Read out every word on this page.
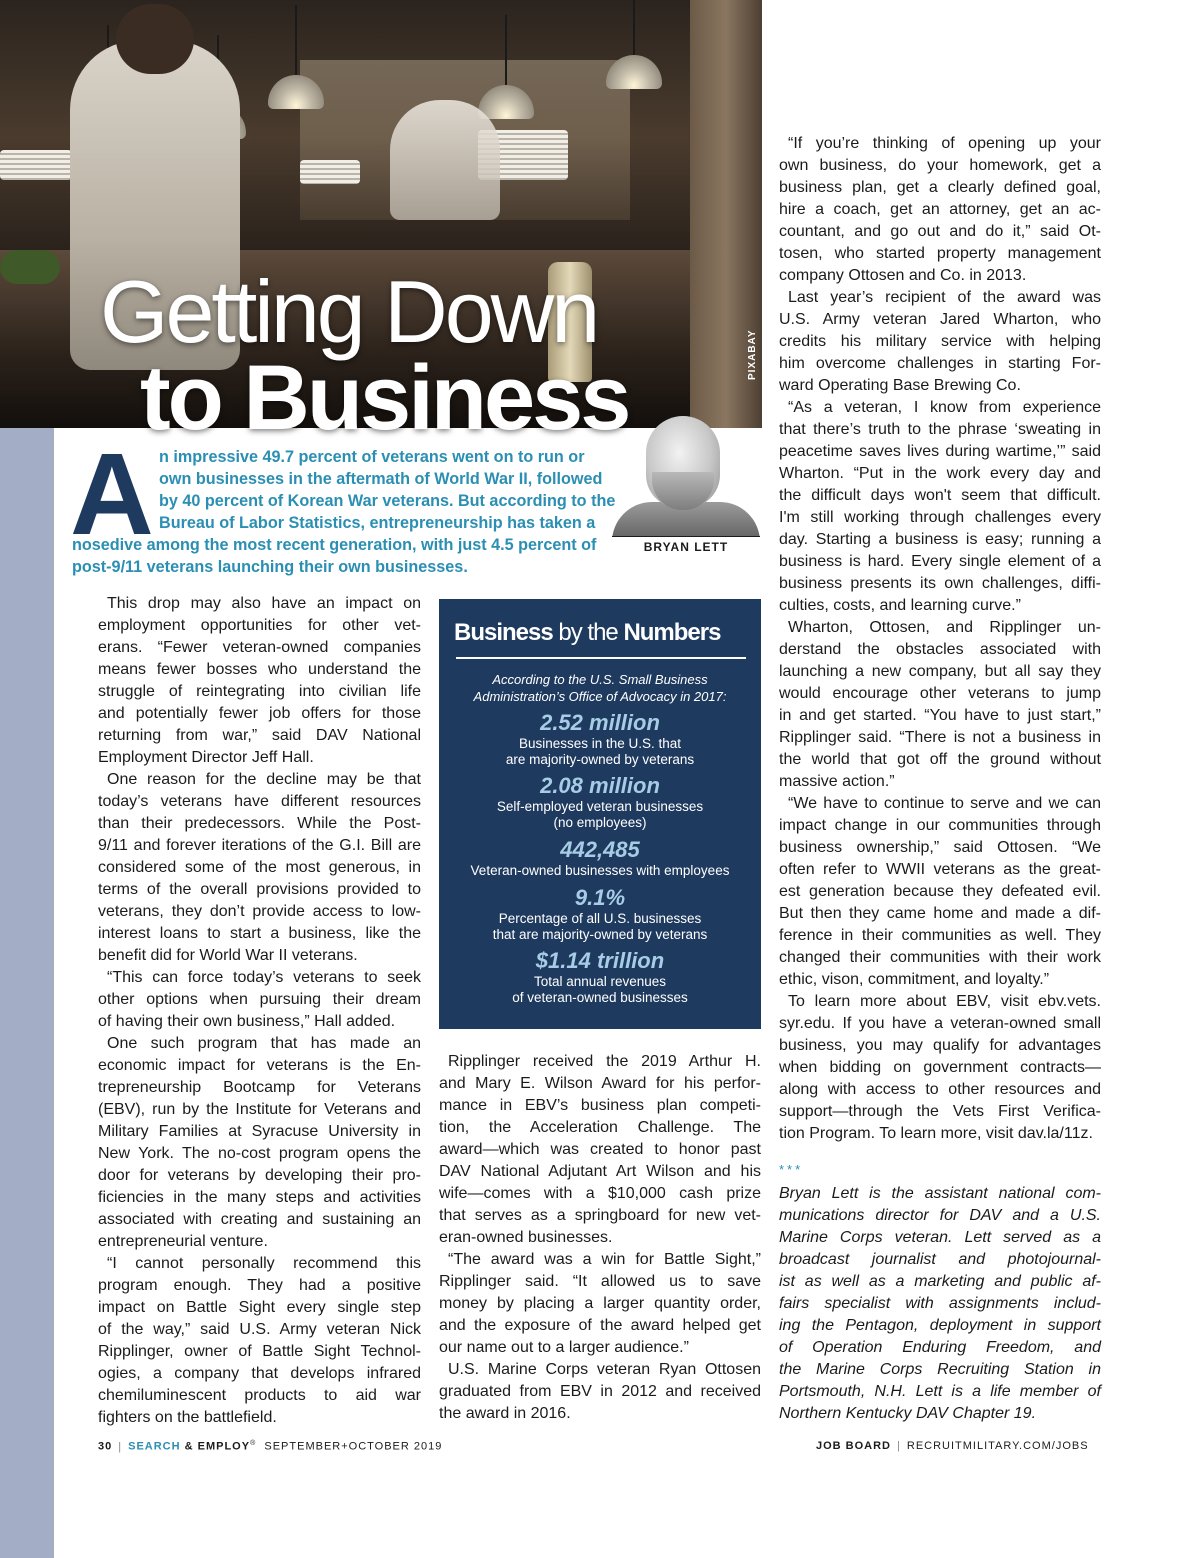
PIXABAY
Getting Down
to Business
A n impressive 49.7 percent of veterans went on to run or
own businesses in the aftermath of World War II, followed
by 40 percent of Korean War veterans. But according to the
Bureau of Labor Statistics, entrepreneurship has taken a
nosedive among the most recent generation, with just 4.5 percent of
post-9/11 veterans launching their own businesses.
BRYAN LETT
This drop may also have an impact on
employment opportunities for other vet-
erans. “Fewer veteran-owned companies
means fewer bosses who understand the
struggle of reintegrating into civilian life
and potentially fewer job offers for those
returning from war,” said DAV National
Employment Director Jeff Hall.
One reason for the decline may be that
today’s veterans have different resources
than their predecessors. While the Post-
9/11 and forever iterations of the G.I. Bill are
considered some of the most generous, in
terms of the overall provisions provided to
veterans, they don’t provide access to low-
interest loans to start a business, like the
benefit did for World War II veterans.
“This can force today’s veterans to seek
other options when pursuing their dream
of having their own business,” Hall added.
One such program that has made an
economic impact for veterans is the En-
trepreneurship Bootcamp for Veterans
(EBV), run by the Institute for Veterans and
Military Families at Syracuse University in
New York. The no-cost program opens the
door for veterans by developing their pro-
ficiencies in the many steps and activities
associated with creating and sustaining an
entrepreneurial venture.
“I cannot personally recommend this
program enough. They had a positive
impact on Battle Sight every single step
of the way,” said U.S. Army veteran Nick
Ripplinger, owner of Battle Sight Technol-
ogies, a company that develops infrared
chemiluminescent products to aid war
fighters on the battlefield.
Business by the Numbers
According to the U.S. Small Business
Administration’s Office of Advocacy in 2017:
2.52 million
Businesses in the U.S. that
are majority-owned by veterans
2.08 million
Self-employed veteran businesses
(no employees)
442,485
Veteran-owned businesses with employees
9.1%
Percentage of all U.S. businesses
that are majority-owned by veterans
$1.14 trillion
Total annual revenues
of veteran-owned businesses
Ripplinger received the 2019 Arthur H.
and Mary E. Wilson Award for his perfor-
mance in EBV’s business plan competi-
tion, the Acceleration Challenge. The
award—which was created to honor past
DAV National Adjutant Art Wilson and his
wife—comes with a $10,000 cash prize
that serves as a springboard for new vet-
eran-owned businesses.
“The award was a win for Battle Sight,”
Ripplinger said. “It allowed us to save
money by placing a larger quantity order,
and the exposure of the award helped get
our name out to a larger audience.”
U.S. Marine Corps veteran Ryan Ottosen
graduated from EBV in 2012 and received
the award in 2016.
“If you’re thinking of opening up your
own business, do your homework, get a
business plan, get a clearly defined goal,
hire a coach, get an attorney, get an ac-
countant, and go out and do it,” said Ot-
tosen, who started property management
company Ottosen and Co. in 2013.
Last year’s recipient of the award was
U.S. Army veteran Jared Wharton, who
credits his military service with helping
him overcome challenges in starting For-
ward Operating Base Brewing Co.
“As a veteran, I know from experience
that there’s truth to the phrase ‘sweating in
peacetime saves lives during wartime,’” said
Wharton. “Put in the work every day and
the difficult days won't seem that difficult.
I'm still working through challenges every
day. Starting a business is easy; running a
business is hard. Every single element of a
business presents its own challenges, diffi-
culties, costs, and learning curve.”
Wharton, Ottosen, and Ripplinger un-
derstand the obstacles associated with
launching a new company, but all say they
would encourage other veterans to jump
in and get started. “You have to just start,”
Ripplinger said. “There is not a business in
the world that got off the ground without
massive action.”
“We have to continue to serve and we can
impact change in our communities through
business ownership,” said Ottosen. “We
often refer to WWII veterans as the great-
est generation because they defeated evil.
But then they came home and made a dif-
ference in their communities as well. They
changed their communities with their work
ethic, vison, commitment, and loyalty.”
To learn more about EBV, visit ebv.vets.
syr.edu. If you have a veteran-owned small
business, you may qualify for advantages
when bidding on government contracts—
along with access to other resources and
support—through the Vets First Verifica-
tion Program. To learn more, visit dav.la/11z.
***
Bryan Lett is the assistant national com-
munications director for DAV and a U.S.
Marine Corps veteran. Lett served as a
broadcast journalist and photojournal-
ist as well as a marketing and public af-
fairs specialist with assignments includ-
ing the Pentagon, deployment in support
of Operation Enduring Freedom, and
the Marine Corps Recruiting Station in
Portsmouth, N.H. Lett is a life member of
Northern Kentucky DAV Chapter 19.
30 | SEARCH & EMPLOY® SEPTEMBER+OCTOBER 2019	JOB BOARD | RECRUITMILITARY.COM/JOBS
